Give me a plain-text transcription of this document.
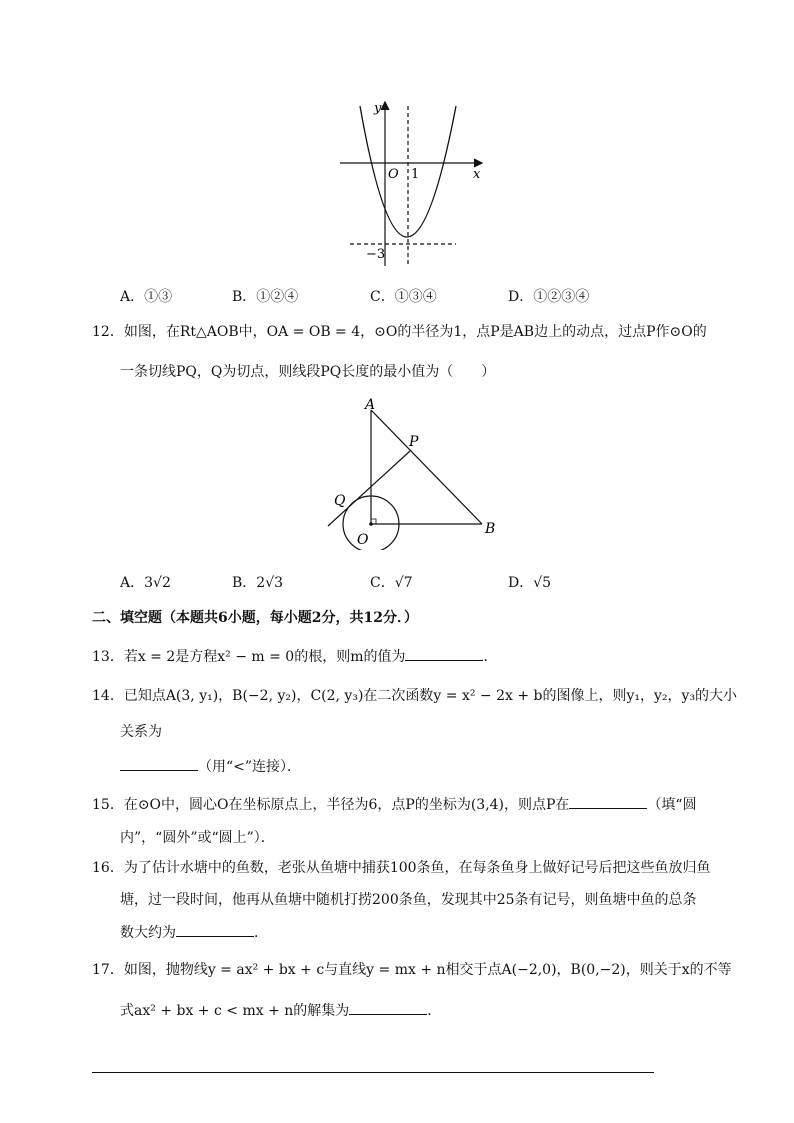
y
x
O 1
−3
A．①③	B．①②④	C．①③④	D．①②③④
12．如图，在Rt△AOB中，OA = OB = 4，⊙O的半径为1，点P是AB边上的动点，过点P作⊙O的
一条切线PQ，Q为切点，则线段PQ长度的最小值为（　　）
A
P
Q
O
B
A．3√2	B．2√3	C．√7	D．√5
二、填空题（本题共6小题，每小题2分，共12分．）
13．若x = 2是方程x² − m = 0的根，则m的值为	．
14．已知点A(3, y₁)，B(−2, y₂)，C(2, y₃)在二次函数y = x² − 2x + b的图像上，则y₁，y₂，y₃的大小
关系为
（用“<”连接）．
15．在⊙O中，圆心O在坐标原点上，半径为6，点P的坐标为(3,4)，则点P在	（填“圆
内”，“圆外”或“圆上”）．
16．为了估计水塘中的鱼数，老张从鱼塘中捕获100条鱼，在每条鱼身上做好记号后把这些鱼放归鱼
塘，过一段时间，他再从鱼塘中随机打捞200条鱼，发现其中25条有记号，则鱼塘中鱼的总条
数大约为	．
17．如图，抛物线y = ax² + bx + c与直线y = mx + n相交于点A(−2,0)，B(0,−2)，则关于x的不等
式ax² + bx + c < mx + n的解集为	．
